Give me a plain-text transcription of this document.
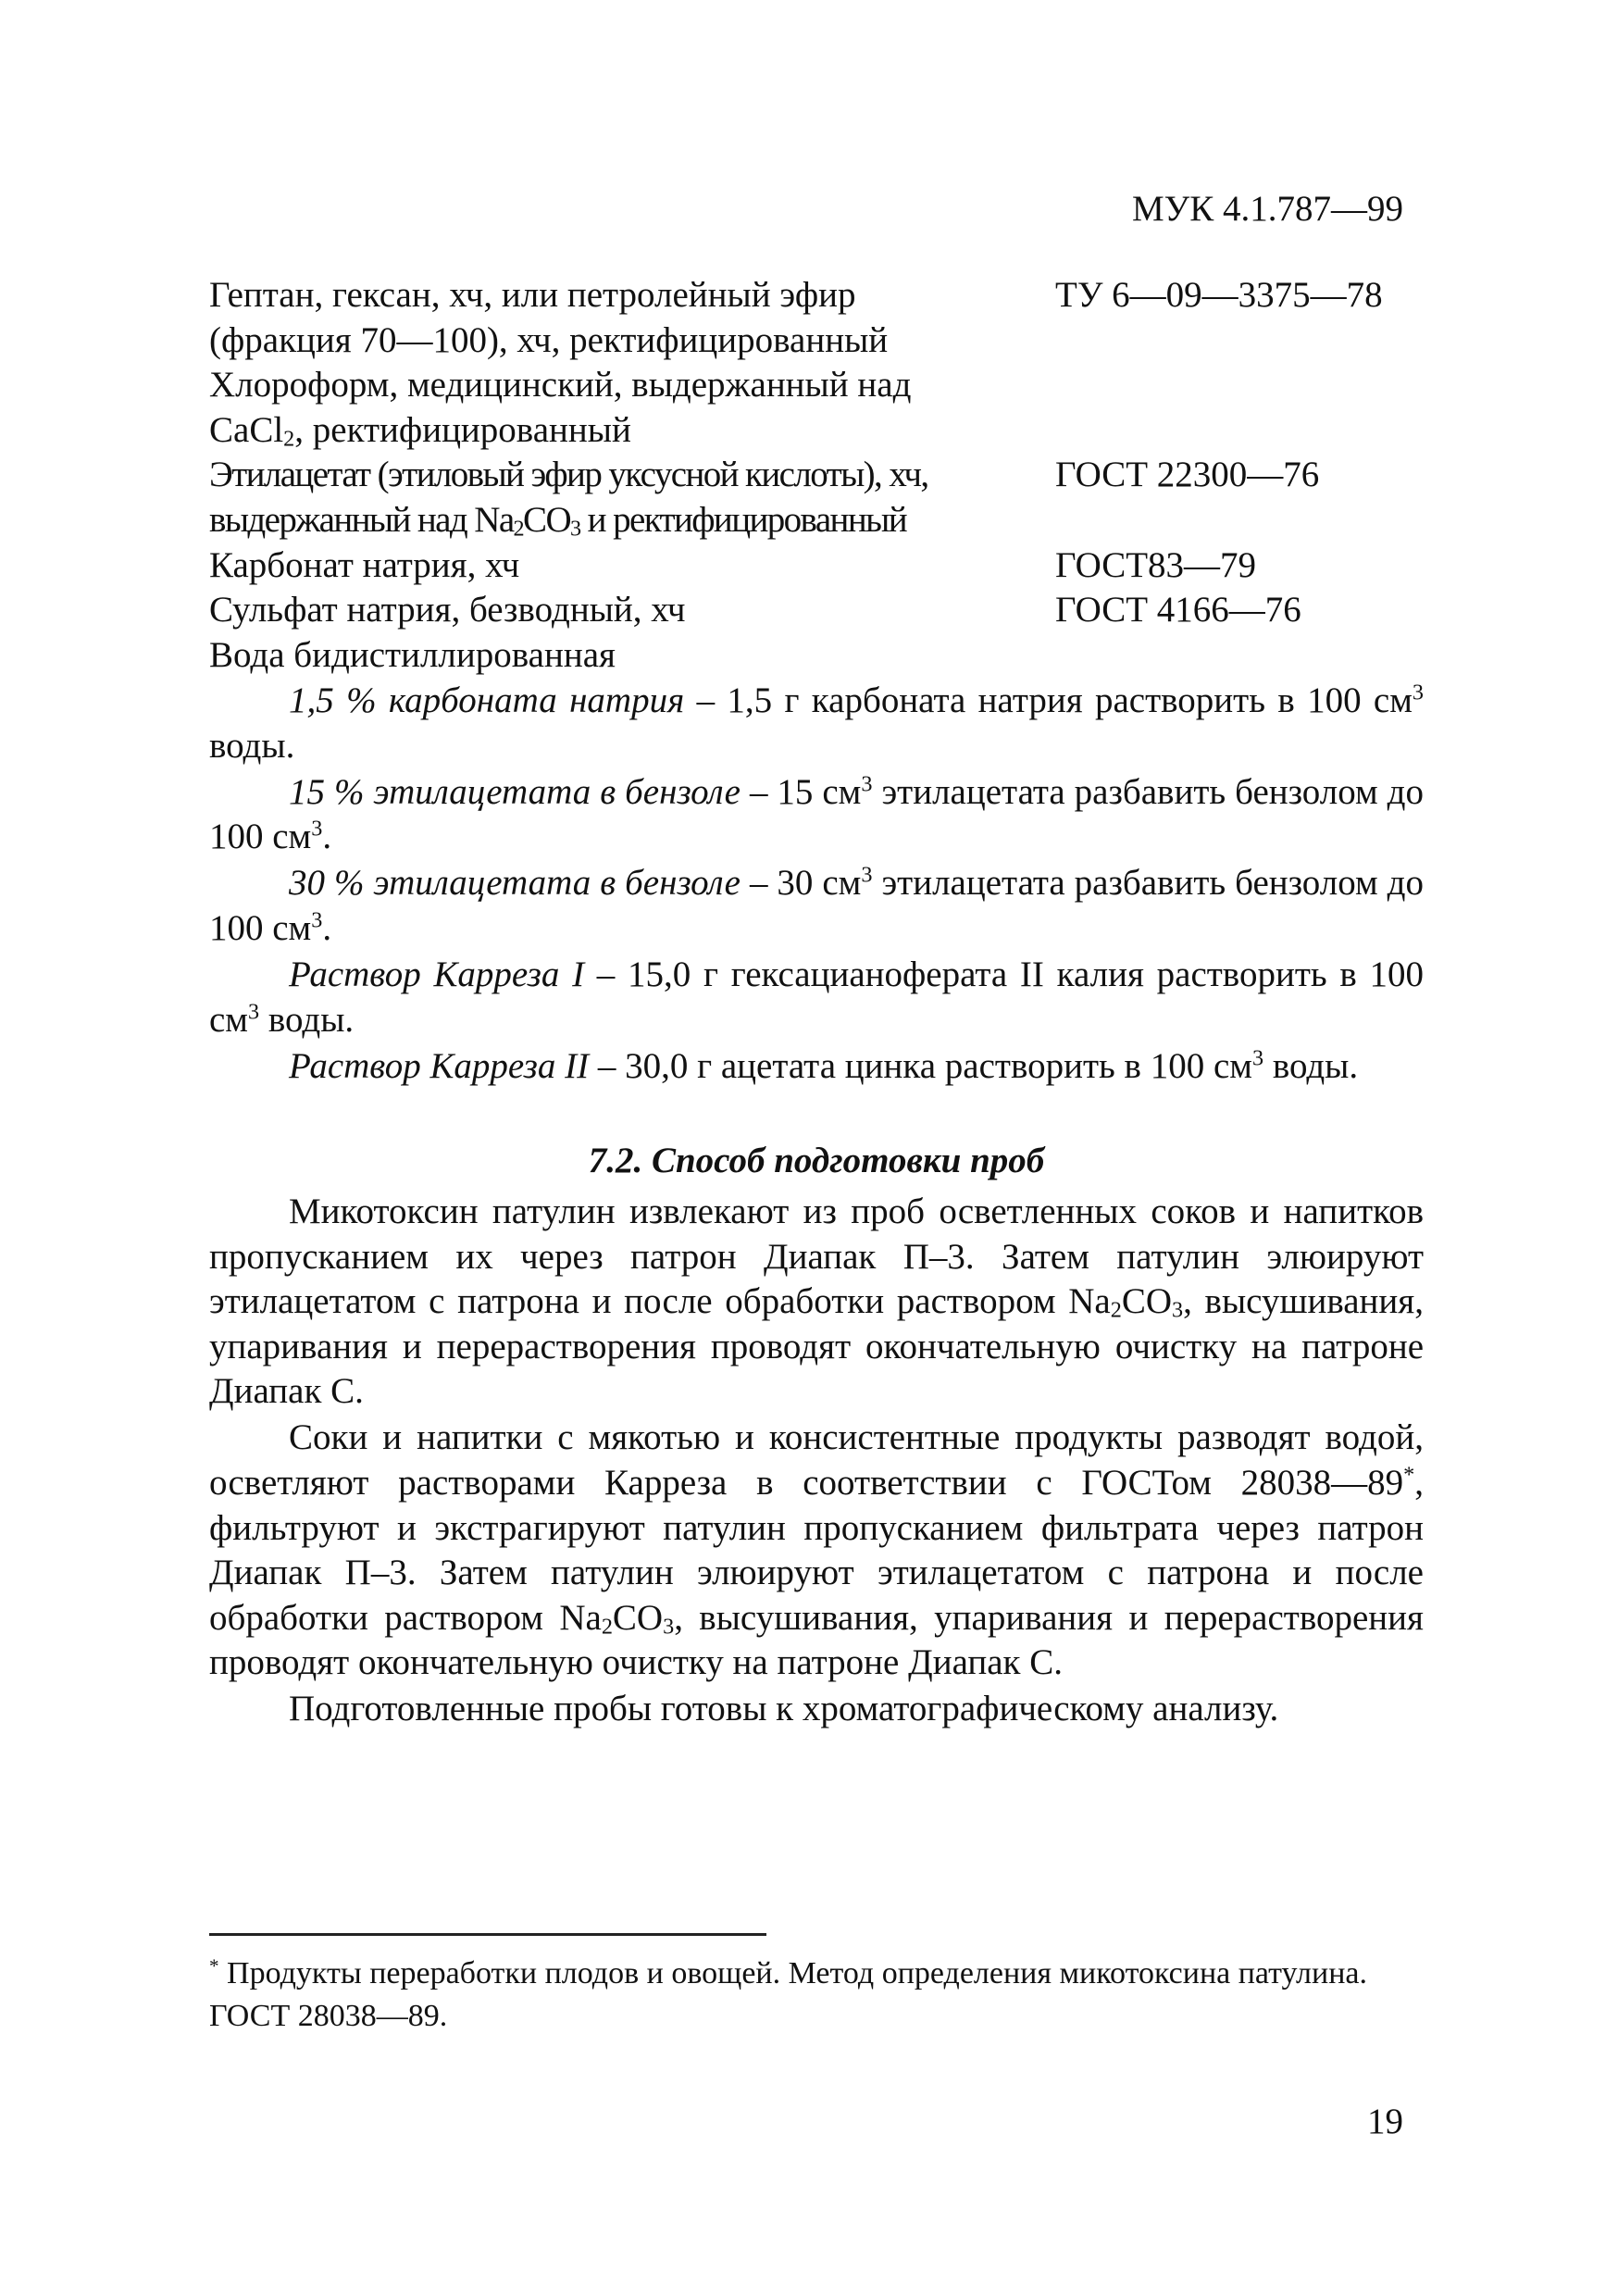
МУК 4.1.787—99
Гептан, гексан, хч, или петролейный эфир	ТУ 6—09—3375—78
(фракция 70—100), хч, ректифицированный
Хлороформ, медицинский, выдержанный над
CaCl$_2$, ректифицированный
Этилацетат (этиловый эфир уксусной кислоты), хч,	ГОСТ 22300—76
выдержанный над $Na_2CO_3$ и ректифицированный
Карбонат натрия, хч	ГОСТ83—79
Сульфат натрия, безводный, хч	ГОСТ 4166—76
Вода бидистиллированная

1,5 % карбоната натрия – 1,5 г карбоната натрия растворить в 100 $см^3$ воды.

15 % этилацетата в бензоле – 15 $см^3$ этилацетата разбавить бензолом до 100 $см^3$.

30 % этилацетата в бензоле – 30 $см^3$ этилацетата разбавить бензолом до 100 $см^3$.

Раствор Карреза I – 15,0 г гексацианоферата II калия растворить в 100 $см^3$ воды.

Раствор Карреза II – 30,0 г ацетата цинка растворить в 100 $см^3$ воды.

7.2. Способ подготовки проб

Микотоксин патулин извлекают из проб осветленных соков и напитков пропусканием их через патрон Диапак П–3. Затем патулин элюируют этилацетатом с патрона и после обработки раствором $Na_2CO_3$, высушивания, упаривания и перерастворения проводят окончательную очистку на патроне Диапак С.

Соки и напитки с мякотью и консистентные продукты разводят водой, осветляют растворами Карреза в соответствии с ГОСТом 28038—89*, фильтруют и экстрагируют патулин пропусканием фильтрата через патрон Диапак П–3. Затем патулин элюируют этилацетатом с патрона и после обработки раствором $Na_2CO_3$, высушивания, упаривания и перерастворения проводят окончательную очистку на патроне Диапак С.

Подготовленные пробы готовы к хроматографическому анализу.

* Продукты переработки плодов и овощей. Метод определения микотоксина патулина. ГОСТ 28038—89.
19
